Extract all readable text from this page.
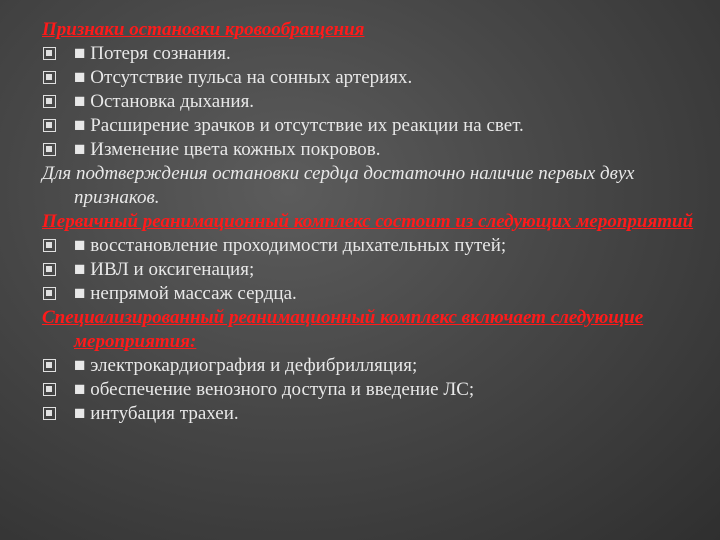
Признаки остановки кровообращения
■ Потеря сознания.
■ Отсутствие пульса на сонных артериях.
■ Остановка дыхания.
■ Расширение зрачков и отсутствие их реакции на свет.
■ Изменение цвета кожных покровов.
Для подтверждения остановки сердца достаточно наличие первых двух признаков.
Первичный реанимационный комплекс состоит из следующих мероприятий
■ восстановление проходимости дыхательных путей;
■ ИВЛ и оксигенация;
■ непрямой массаж сердца.
Специализированный реанимационный комплекс включает следующие мероприятия:
■ электрокардиография и дефибрилляция;
■ обеспечение венозного доступа и введение ЛС;
■ интубация трахеи.
